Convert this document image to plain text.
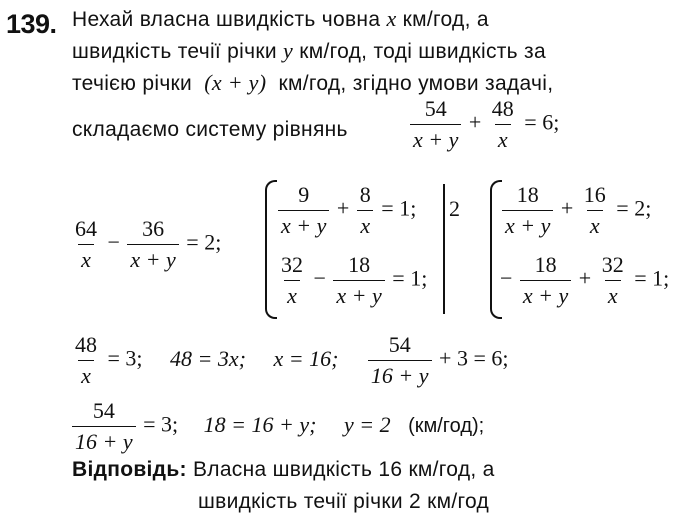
139. Нехай власна швидкість човна x км/год, а
швидкість течії річки y км/год, тоді швидкість за
течією річки (x + y) км/год, згідно умови задачі,
складаємо систему рівнянь	$\frac{54}{x + y} + \frac{48}{x} = 6$;
$\frac{64}{x} - \frac{36}{x + y} = 2$;
$\frac{9}{x + y} + \frac{8}{x} = 1$;
$\frac{32}{x} - \frac{18}{x + y} = 1$;
$2 \frac{18}{x + y} + \frac{16}{x} = 2$;
− $\frac{18}{x + y} + \frac{32}{x} = 1$;
$\frac{48}{x} = 3$; 48 = 3x; x = 16; $\frac{54}{16 + y} + 3 = 6$;
$\frac{54}{16 + y} = 3$; 18 = 16 + y; y = 2 (км/год);
Відповідь: Власна швидкість 16 км/год, а
швидкість течії річки 2 км/год
